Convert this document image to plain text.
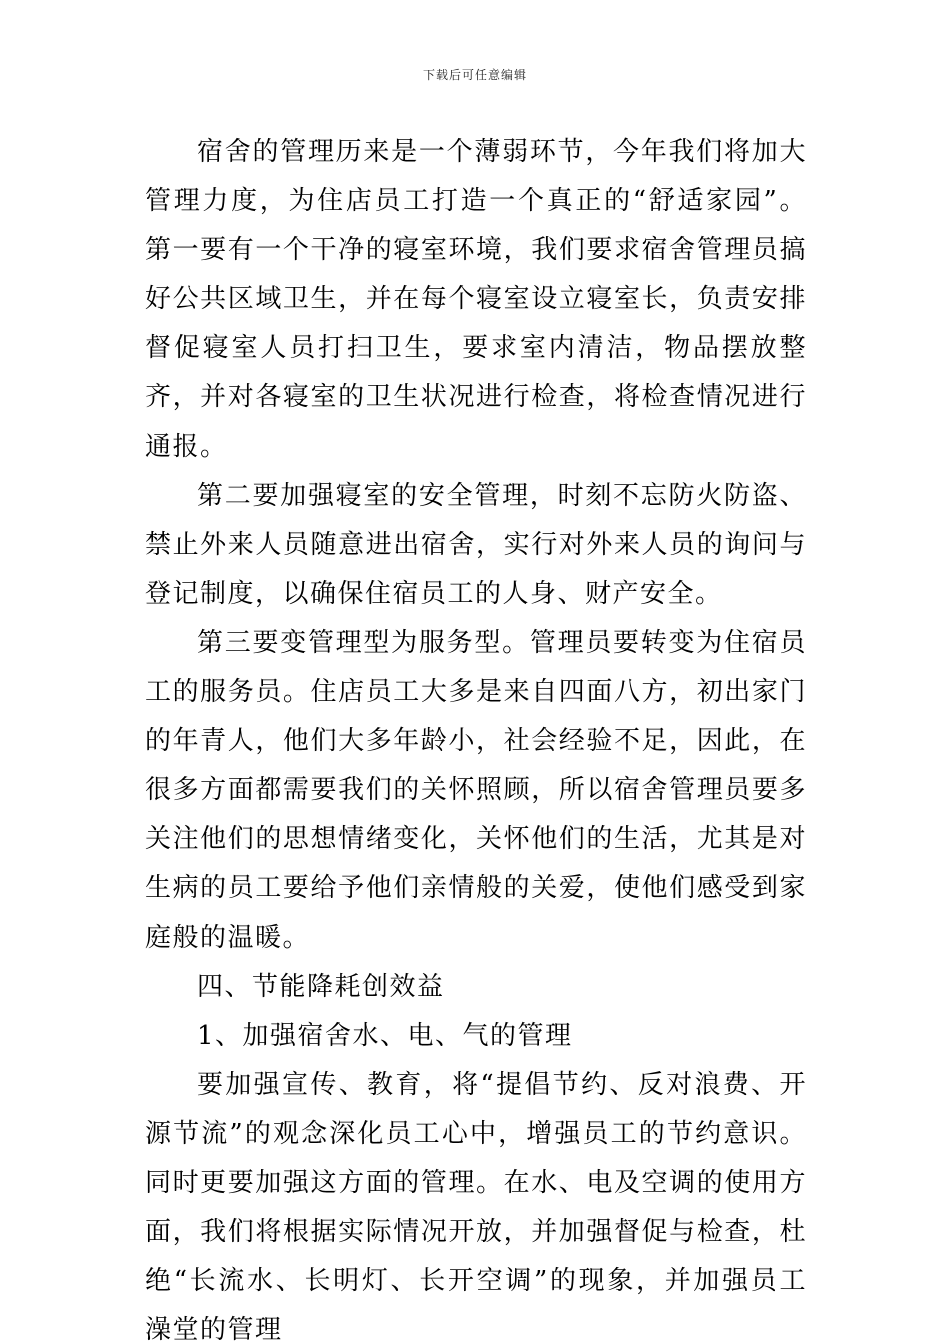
下载后可任意编辑

宿舍的管理历来是一个薄弱环节，今年我们将加大管理力度，为住店员工打造一个真正的“舒适家园”。第一要有一个干净的寝室环境，我们要求宿舍管理员搞好公共区域卫生，并在每个寝室设立寝室长，负责安排督促寝室人员打扫卫生，要求室内清洁，物品摆放整齐，并对各寝室的卫生状况进行检查，将检查情况进行通报。

第二要加强寝室的安全管理，时刻不忘防火防盗、禁止外来人员随意进出宿舍，实行对外来人员的询问与登记制度，以确保住宿员工的人身、财产安全。

第三要变管理型为服务型。管理员要转变为住宿员工的服务员。住店员工大多是来自四面八方，初出家门的年青人，他们大多年龄小，社会经验不足，因此，在很多方面都需要我们的关怀照顾，所以宿舍管理员要多关注他们的思想情绪变化，关怀他们的生活，尤其是对生病的员工要给予他们亲情般的关爱，使他们感受到家庭般的温暖。

四、节能降耗创效益

1、加强宿舍水、电、气的管理

要加强宣传、教育，将“提倡节约、反对浪费、开源节流”的观念深化员工心中，增强员工的节约意识。同时更要加强这方面的管理。在水、电及空调的使用方面，我们将根据实际情况开放，并加强督促与检查，杜绝“长流水、长明灯、长开空调”的现象，并加强员工澡堂的管理
